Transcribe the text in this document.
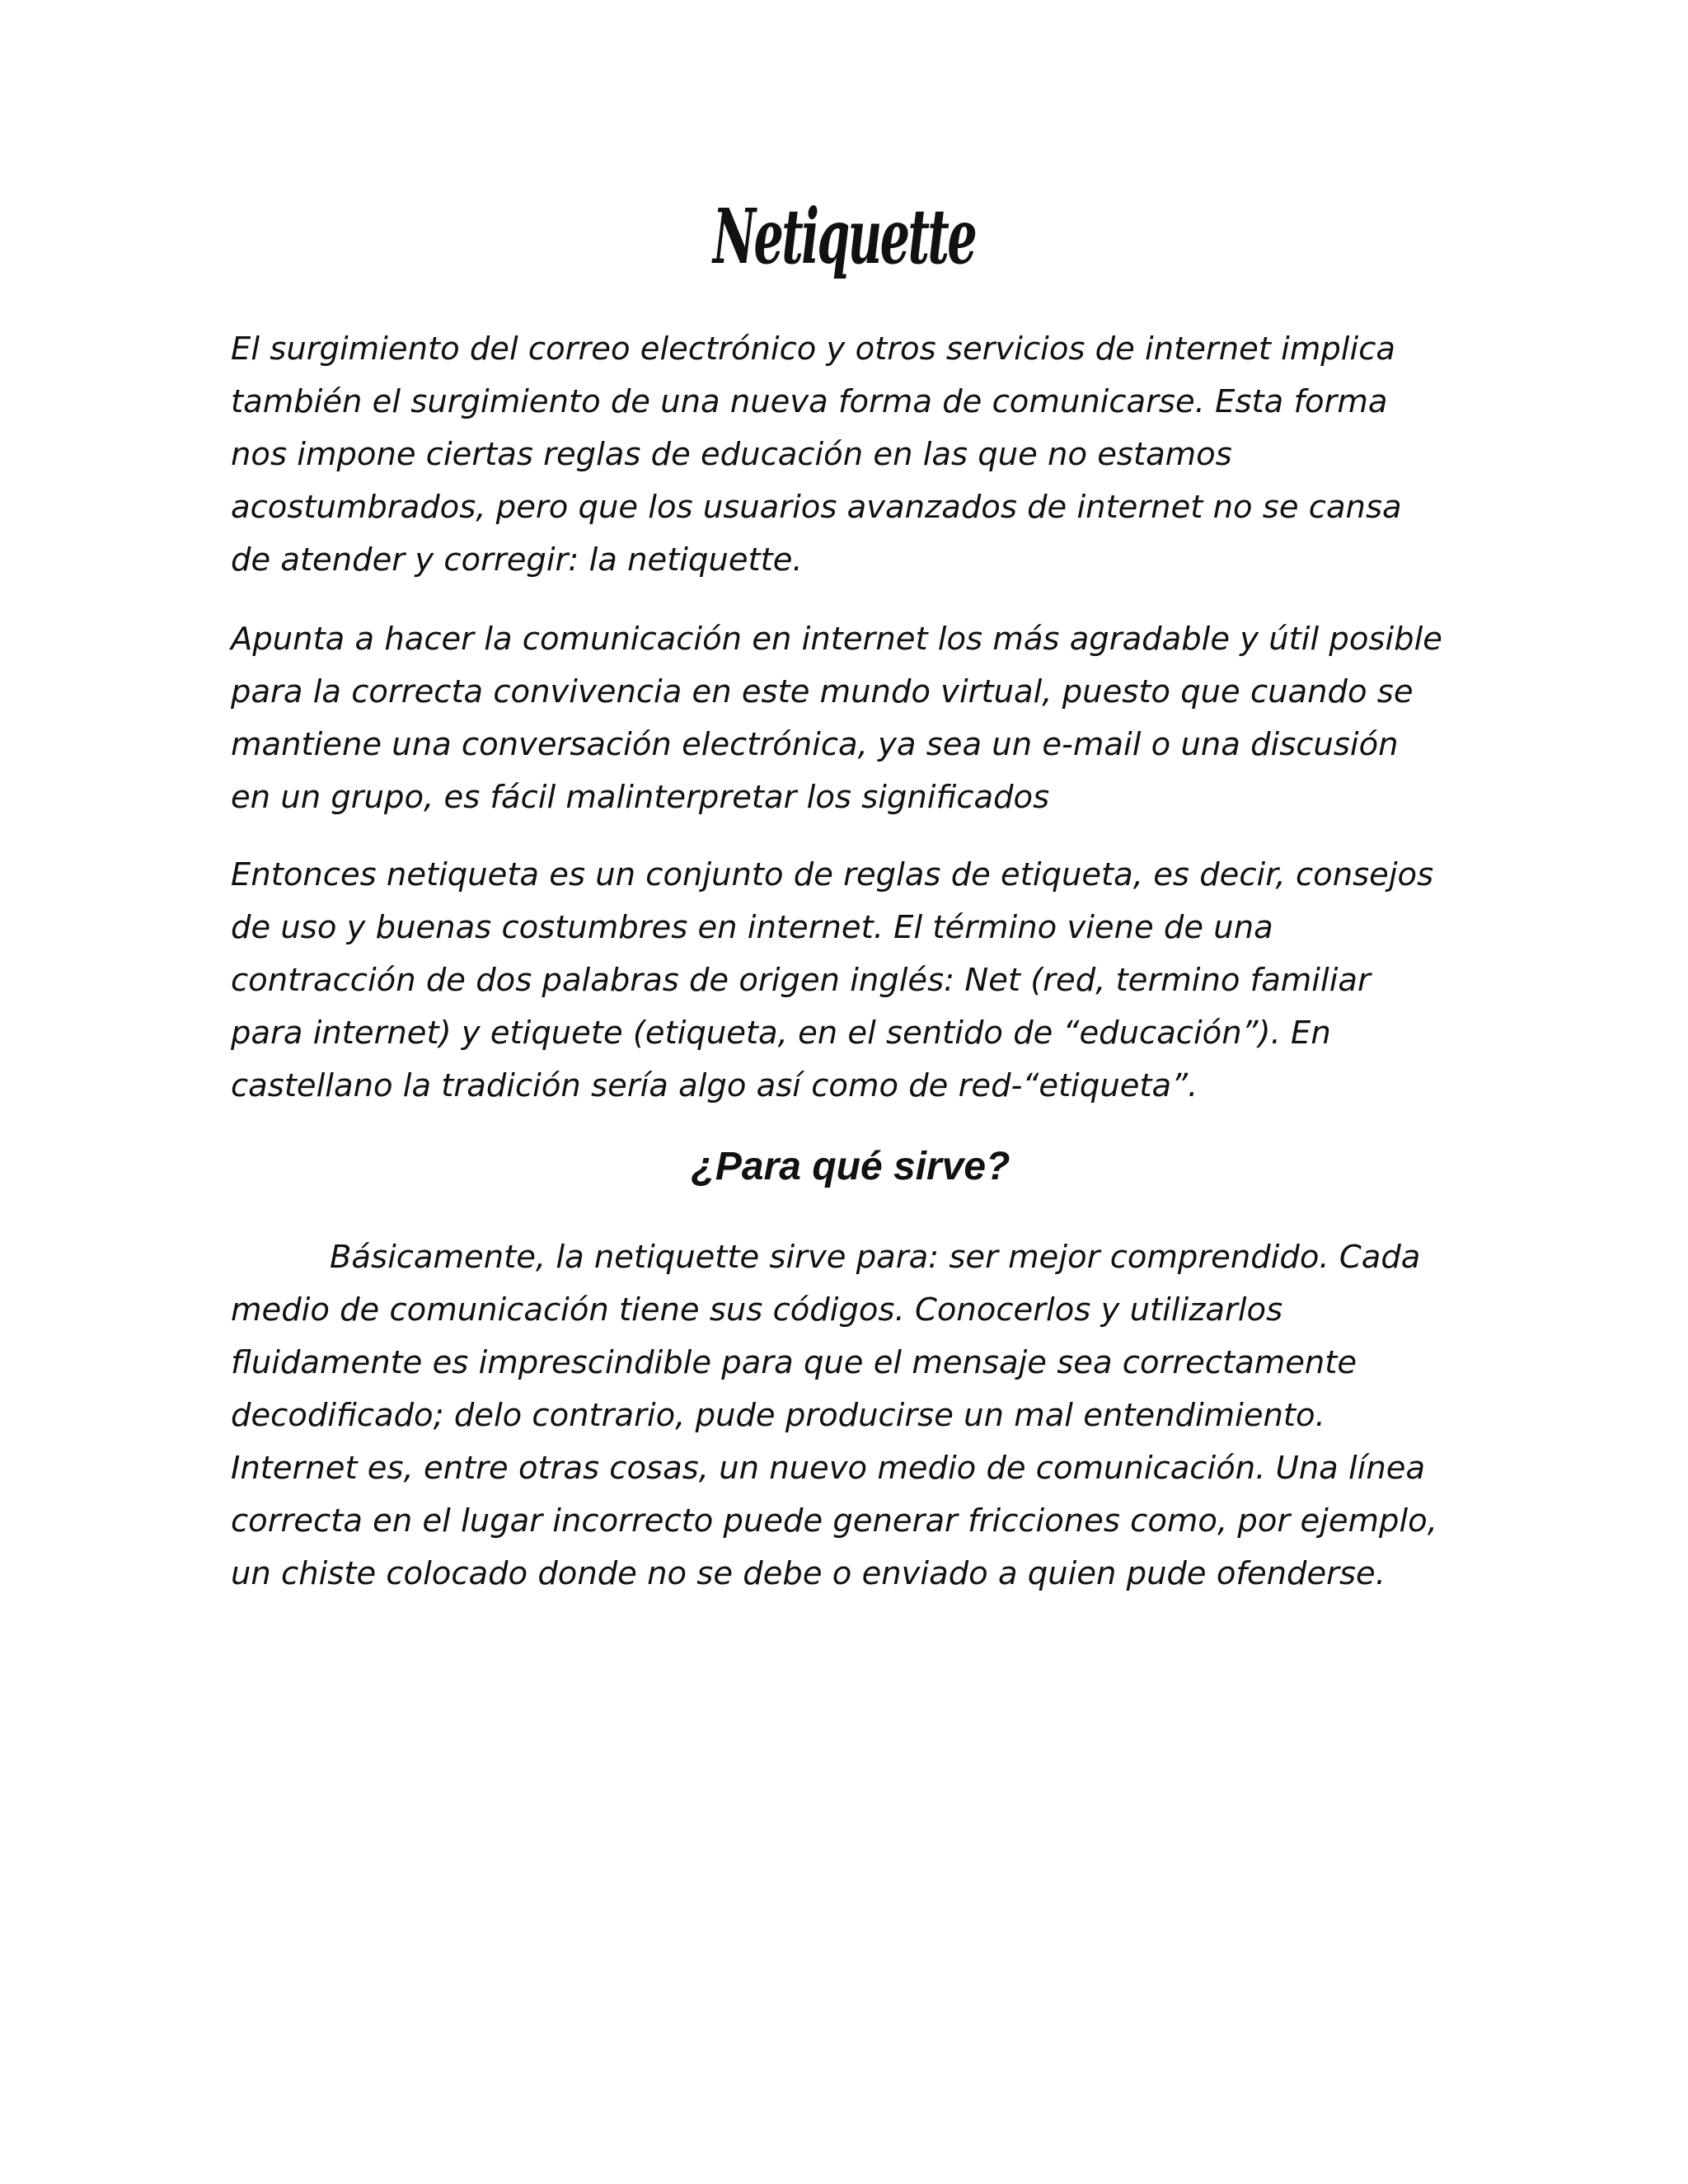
Netiquette

El surgimiento del correo electrónico y otros servicios de internet implica también el surgimiento de una nueva forma de comunicarse. Esta forma nos impone ciertas reglas de educación en las que no estamos acostumbrados, pero que los usuarios avanzados de internet no se cansa de atender y corregir: la netiquette.

Apunta a hacer la comunicación en internet los más agradable y útil posible para la correcta convivencia en este mundo virtual, puesto que cuando se mantiene una conversación electrónica, ya sea un e-mail o una discusión en un grupo, es fácil malinterpretar los significados

Entonces netiqueta es un conjunto de reglas de etiqueta, es decir, consejos de uso y buenas costumbres en internet. El término viene de una contracción de dos palabras de origen inglés: Net (red, termino familiar para internet) y etiquete (etiqueta, en el sentido de “educación”). En castellano la tradición sería algo así como de red-“etiqueta”.

¿Para qué sirve?

Básicamente, la netiquette sirve para: ser mejor comprendido. Cada medio de comunicación tiene sus códigos. Conocerlos y utilizarlos fluidamente es imprescindible para que el mensaje sea correctamente decodificado; delo contrario, pude producirse un mal entendimiento. Internet es, entre otras cosas, un nuevo medio de comunicación. Una línea correcta en el lugar incorrecto puede generar fricciones como, por ejemplo, un chiste colocado donde no se debe o enviado a quien pude ofenderse.
